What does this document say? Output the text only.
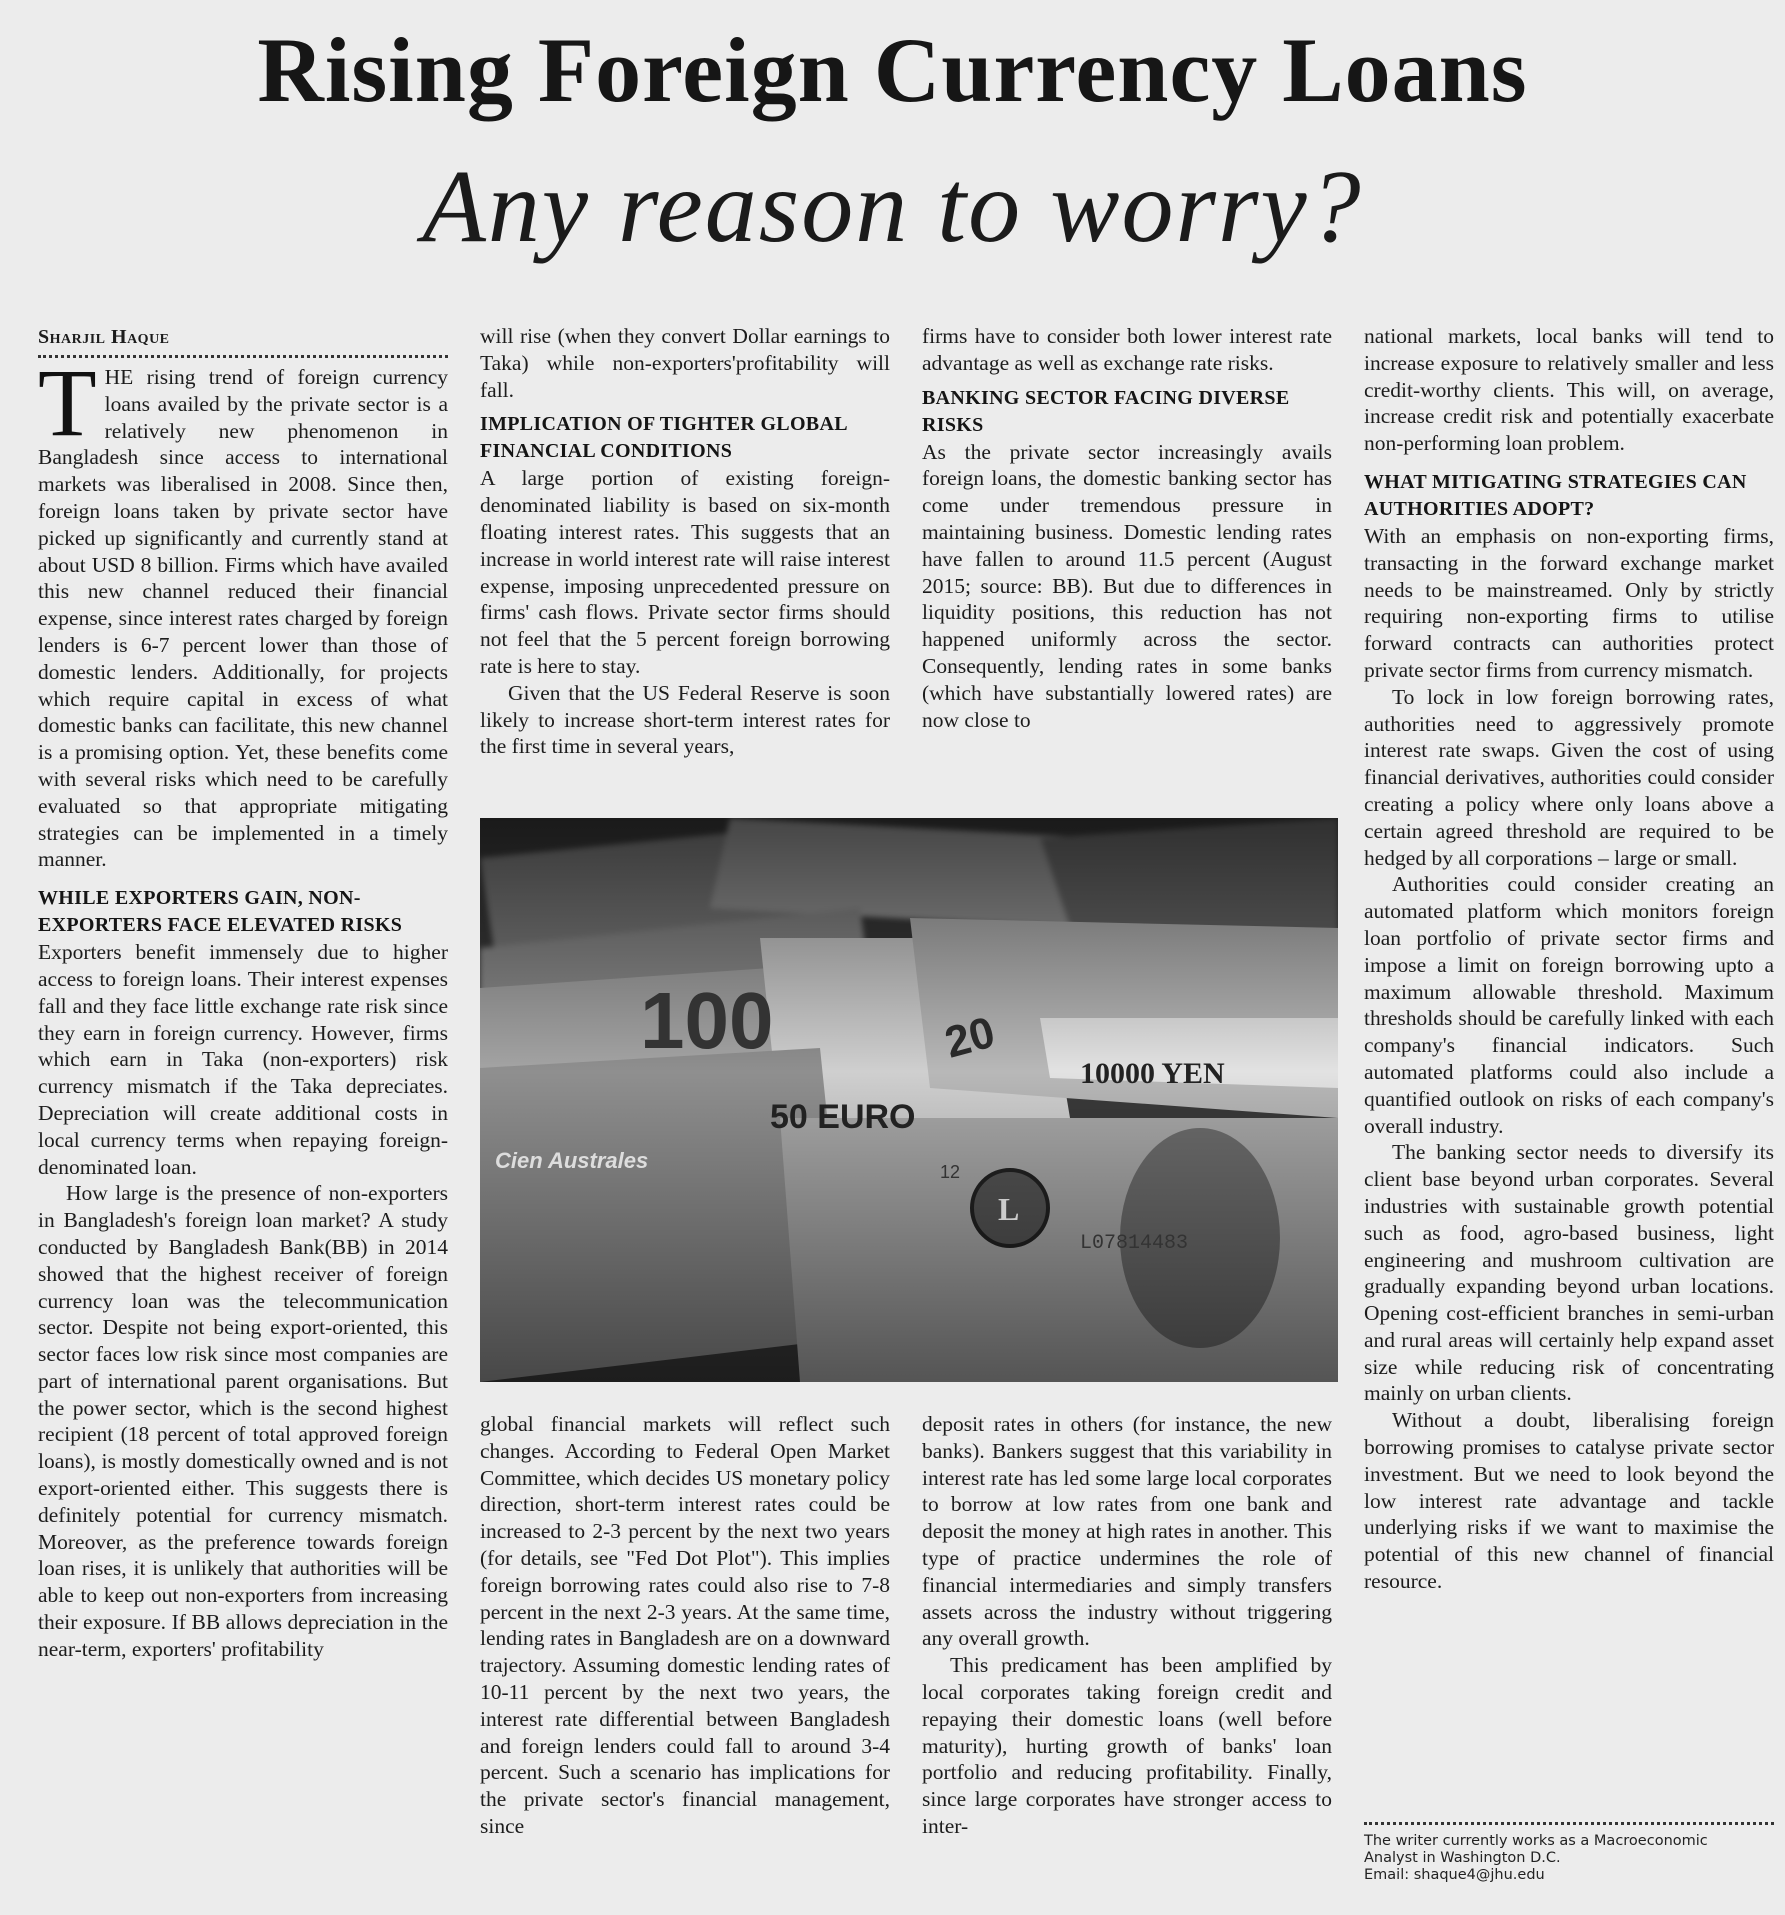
Rising Foreign Currency Loans
Any reason to worry?
Sharjil Haque
T HE rising trend of foreign currency loans availed by the private sector is a relatively new phenomenon in Bangladesh since access to international markets was liberalised in 2008. Since then, foreign loans taken by private sector have picked up significantly and currently stand at about USD 8 billion. Firms which have availed this new channel reduced their financial expense, since interest rates charged by foreign lenders is 6-7 percent lower than those of domestic lenders. Additionally, for projects which require capital in excess of what domestic banks can facilitate, this new channel is a promising option. Yet, these benefits come with several risks which need to be carefully evaluated so that appropriate mitigating strategies can be implemented in a timely manner.

WHILE EXPORTERS GAIN, NON-EXPORTERS FACE ELEVATED RISKS

Exporters benefit immensely due to higher access to foreign loans. Their interest expenses fall and they face little exchange rate risk since they earn in foreign currency. However, firms which earn in Taka (non-exporters) risk currency mismatch if the Taka depreciates. Depreciation will create additional costs in local currency terms when repaying foreign-denominated loan.

How large is the presence of non-exporters in Bangladesh's foreign loan market? A study conducted by Bangladesh Bank(BB) in 2014 showed that the highest receiver of foreign currency loan was the telecommunication sector. Despite not being export-oriented, this sector faces low risk since most companies are part of international parent organisations. But the power sector, which is the second highest recipient (18 percent of total approved foreign loans), is mostly domestically owned and is not export-oriented either. This suggests there is definitely potential for currency mismatch. Moreover, as the preference towards foreign loan rises, it is unlikely that authorities will be able to keep out non-exporters from increasing their exposure. If BB allows depreciation in the near-term, exporters' profitability

will rise (when they convert Dollar earnings to Taka) while non-exporters'profitability will fall.

IMPLICATION OF TIGHTER GLOBAL FINANCIAL CONDITIONS

A large portion of existing foreign-denominated liability is based on six-month floating interest rates. This suggests that an increase in world interest rate will raise interest expense, imposing unprecedented pressure on firms' cash flows. Private sector firms should not feel that the 5 percent foreign borrowing rate is here to stay.

Given that the US Federal Reserve is soon likely to increase short-term interest rates for the first time in several years,

firms have to consider both lower interest rate advantage as well as exchange rate risks.

BANKING SECTOR FACING DIVERSE RISKS

As the private sector increasingly avails foreign loans, the domestic banking sector has come under tremendous pressure in maintaining business. Domestic lending rates have fallen to around 11.5 percent (August 2015; source: BB). But due to differences in liquidity positions, this reduction has not happened uniformly across the sector. Consequently, lending rates in some banks (which have substantially lowered rates) are now close to

100	20
10000 YEN
50 EURO
Cien Australes	12
L
L07814483

global financial markets will reflect such changes. According to Federal Open Market Committee, which decides US monetary policy direction, short-term interest rates could be increased to 2-3 percent by the next two years (for details, see "Fed Dot Plot"). This implies foreign borrowing rates could also rise to 7-8 percent in the next 2-3 years. At the same time, lending rates in Bangladesh are on a downward trajectory. Assuming domestic lending rates of 10-11 percent by the next two years, the interest rate differential between Bangladesh and foreign lenders could fall to around 3-4 percent. Such a scenario has implications for the private sector's financial management, since

deposit rates in others (for instance, the new banks). Bankers suggest that this variability in interest rate has led some large local corporates to borrow at low rates from one bank and deposit the money at high rates in another. This type of practice undermines the role of financial intermediaries and simply transfers assets across the industry without triggering any overall growth.

This predicament has been amplified by local corporates taking foreign credit and repaying their domestic loans (well before maturity), hurting growth of banks' loan portfolio and reducing profitability. Finally, since large corporates have stronger access to inter-

national markets, local banks will tend to increase exposure to relatively smaller and less credit-worthy clients. This will, on average, increase credit risk and potentially exacerbate non-performing loan problem.

WHAT MITIGATING STRATEGIES CAN AUTHORITIES ADOPT?

With an emphasis on non-exporting firms, transacting in the forward exchange market needs to be mainstreamed. Only by strictly requiring non-exporting firms to utilise forward contracts can authorities protect private sector firms from currency mismatch.

To lock in low foreign borrowing rates, authorities need to aggressively promote interest rate swaps. Given the cost of using financial derivatives, authorities could consider creating a policy where only loans above a certain agreed threshold are required to be hedged by all corporations – large or small.

Authorities could consider creating an automated platform which monitors foreign loan portfolio of private sector firms and impose a limit on foreign borrowing upto a maximum allowable threshold. Maximum thresholds should be carefully linked with each company's financial indicators. Such automated platforms could also include a quantified outlook on risks of each company's overall industry.

The banking sector needs to diversify its client base beyond urban corporates. Several industries with sustainable growth potential such as food, agro-based business, light engineering and mushroom cultivation are gradually expanding beyond urban locations. Opening cost-efficient branches in semi-urban and rural areas will certainly help expand asset size while reducing risk of concentrating mainly on urban clients.

Without a doubt, liberalising foreign borrowing promises to catalyse private sector investment. But we need to look beyond the low interest rate advantage and tackle underlying risks if we want to maximise the potential of this new channel of financial resource.

The writer currently works as a Macroeconomic
Analyst in Washington D.C.
Email: shaque4@jhu.edu
